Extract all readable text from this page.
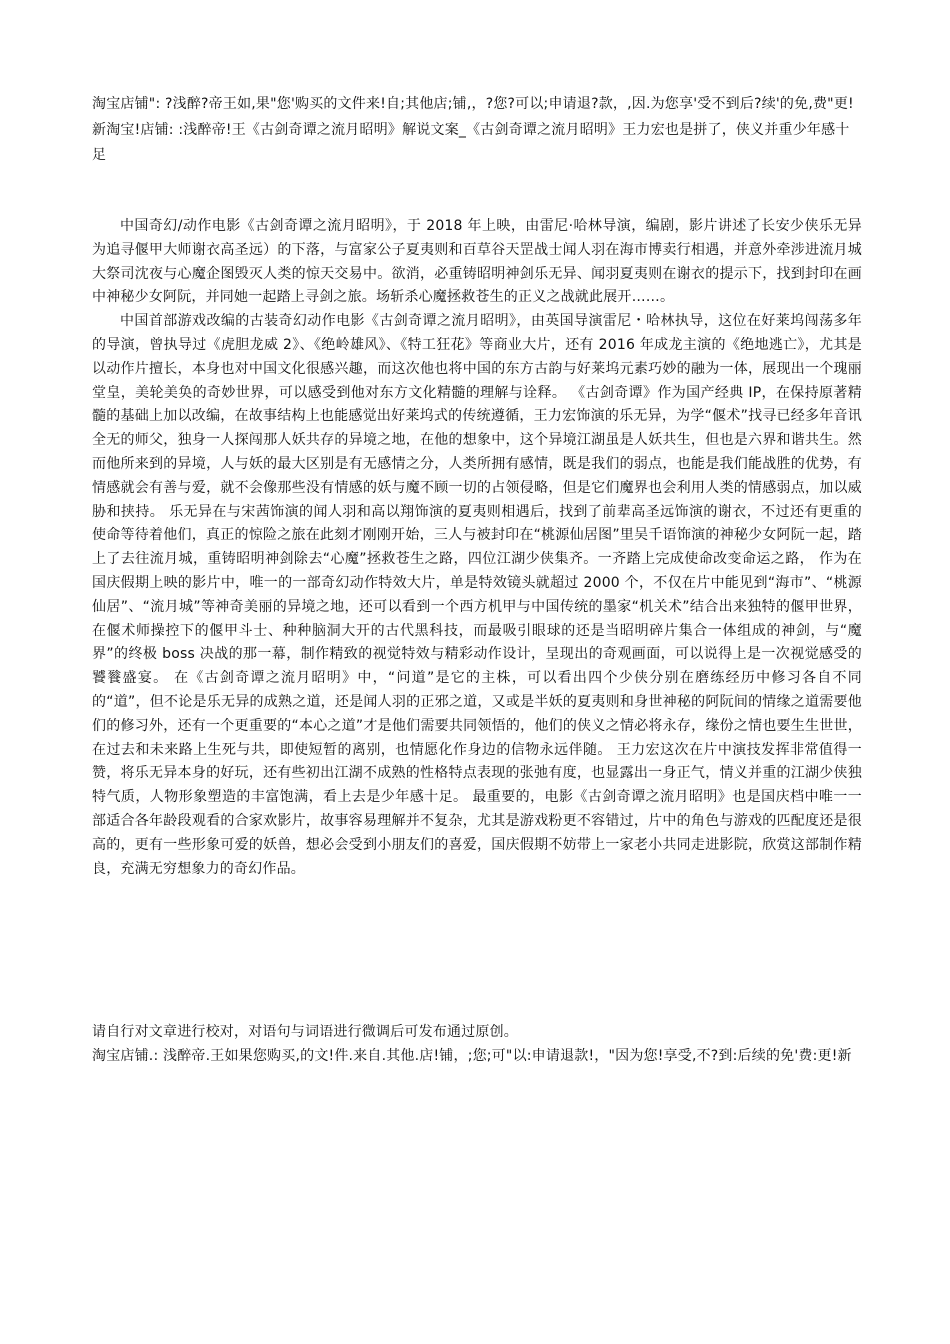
淘宝店铺": ?浅醉?帝王如,果"您'购买的文件来!自;其他店;铺,，?您?可以;申请退?款，,因.为您享'受不到后?续'的免,费"更!新淘宝!店铺: :浅醉帝!王《古剑奇谭之流月昭明》解说文案_《古剑奇谭之流月昭明》王力宏也是拼了，侠义并重少年感十足

中国奇幻/动作电影《古剑奇谭之流月昭明》，于 2018 年上映，由雷尼·哈林导演，编剧，影片讲述了长安少侠乐无异为追寻偃甲大师谢衣高圣远）的下落，与富家公子夏夷则和百草谷天罡战士闻人羽在海市博卖行相遇，并意外牵涉进流月城大祭司沈夜与心魔企图毁灭人类的惊天交易中。欲消，必重铸昭明神剑乐无异、闻羽夏夷则在谢衣的提示下，找到封印在画中神秘少女阿阮，并同她一起踏上寻剑之旅。场斩杀心魔拯救苍生的正义之战就此展开……。

中国首部游戏改编的古装奇幻动作电影《古剑奇谭之流月昭明》，由英国导演雷尼・哈林执导，这位在好莱坞闯荡多年的导演，曾执导过《虎胆龙威 2》、《绝岭雄风》、《特工狂花》等商业大片，还有 2016 年成龙主演的《绝地逃亡》，尤其是以动作片擅长，本身也对中国文化很感兴趣，而这次他也将中国的东方古韵与好莱坞元素巧妙的融为一体，展现出一个瑰丽堂皇，美轮美奂的奇妙世界，可以感受到他对东方文化精髓的理解与诠释。 《古剑奇谭》作为国产经典 IP，在保持原著精髓的基础上加以改编，在故事结构上也能感觉出好莱坞式的传统遵循，王力宏饰演的乐无异，为学“偃术”找寻已经多年音讯全无的师父，独身一人探闯那人妖共存的异境之地，在他的想象中，这个异境江湖虽是人妖共生，但也是六界和谐共生。然而他所来到的异境，人与妖的最大区别是有无感情之分，人类所拥有感情，既是我们的弱点，也能是我们能战胜的优势，有情感就会有善与爱，就不会像那些没有情感的妖与魔不顾一切的占领侵略，但是它们魔界也会利用人类的情感弱点，加以威胁和挟持。 乐无异在与宋茜饰演的闻人羽和高以翔饰演的夏夷则相遇后，找到了前辈高圣远饰演的谢衣，不过还有更重的使命等待着他们，真正的惊险之旅在此刻才刚刚开始，三人与被封印在“桃源仙居图”里吴千语饰演的神秘少女阿阮一起，踏上了去往流月城，重铸昭明神剑除去“心魔”拯救苍生之路，四位江湖少侠集齐。一齐踏上完成使命改变命运之路， 作为在国庆假期上映的影片中，唯一的一部奇幻动作特效大片，单是特效镜头就超过 2000 个，不仅在片中能见到“海市”、“桃源仙居”、“流月城”等神奇美丽的异境之地，还可以看到一个西方机甲与中国传统的墨家“机关术”结合出来独特的偃甲世界，在偃术师操控下的偃甲斗士、种种脑洞大开的古代黑科技，而最吸引眼球的还是当昭明碎片集合一体组成的神剑，与“魔界”的终极 boss 决战的那一幕，制作精致的视觉特效与精彩动作设计，呈现出的奇观画面，可以说得上是一次视觉感受的饕餮盛宴。 在《古剑奇谭之流月昭明》中，“问道”是它的主株，可以看出四个少侠分别在磨练经历中修习各自不同的“道”，但不论是乐无异的成熟之道，还是闻人羽的正邪之道，又或是半妖的夏夷则和身世神秘的阿阮间的情缘之道需要他们的修习外，还有一个更重要的“本心之道”才是他们需要共同领悟的，他们的侠义之情必将永存，缘份之情也要生生世世，在过去和未来路上生死与共，即使短暂的离别，也情愿化作身边的信物永远伴随。 王力宏这次在片中演技发挥非常值得一赞，将乐无异本身的好玩，还有些初出江湖不成熟的性格特点表现的张弛有度，也显露出一身正气，情义并重的江湖少侠独特气质，人物形象塑造的丰富饱满，看上去是少年感十足。 最重要的，电影《古剑奇谭之流月昭明》也是国庆档中唯一一部适合各年龄段观看的合家欢影片，故事容易理解并不复杂，尤其是游戏粉更不容错过，片中的角色与游戏的匹配度还是很高的，更有一些形象可爱的妖兽，想必会受到小朋友们的喜爱，国庆假期不妨带上一家老小共同走进影院，欣赏这部制作精良，充满无穷想象力的奇幻作品。

请自行对文章进行校对，对语句与词语进行微调后可发布通过原创。
淘宝店铺.: 浅醉帝.王如果您购买,的文!件.来自.其他.店!铺，;您;可"以:申请退款!，"因为您!享受,不?到:后续的免'费:更!新
